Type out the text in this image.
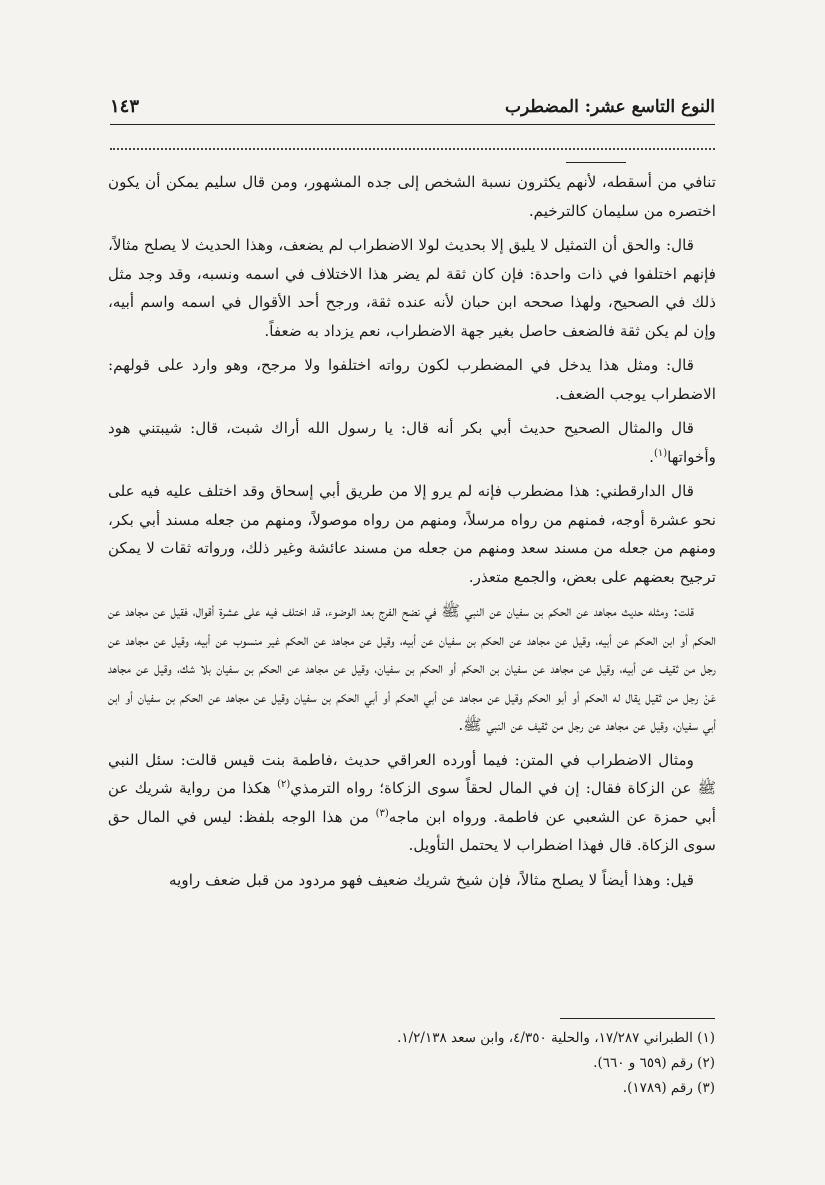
النوع التاسع عشر: المضطرب
١٤٣

تنافي من أسقطه، لأنهم يكثرون نسبة الشخص إلى جده المشهور، ومن قال سليم يمكن أن يكون اختصره من سليمان كالترخيم.

قال: والحق أن التمثيل لا يليق إلا بحديث لولا الاضطراب لم يضعف، وهذا الحديث لا يصلح مثالاً، فإنهم اختلفوا في ذات واحدة: فإن كان ثقة لم يضر هذا الاختلاف في اسمه ونسبه، وقد وجد مثل ذلك في الصحيح، ولهذا صححه ابن حبان لأنه عنده ثقة، ورجح أحد الأقوال في اسمه واسم أبيه، وإن لم يكن ثقة فالضعف حاصل بغير جهة الاضطراب، نعم يزداد به ضعفاً.

قال: ومثل هذا يدخل في المضطرب لكون رواته اختلفوا ولا مرجح، وهو وارد على قولهم: الاضطراب يوجب الضعف.

قال والمثال الصحيح حديث أبي بكر أنه قال: يا رسول الله أراك شبت، قال: شيبتني هود وأخواتها$^{(١)}$.

قال الدارقطني: هذا مضطرب فإنه لم يرو إلا من طريق أبي إسحاق وقد اختلف عليه فيه على نحو عشرة أوجه، فمنهم من رواه مرسلاً، ومنهم من رواه موصولاً، ومنهم من جعله مسند أبي بكر، ومنهم من جعله من مسند سعد ومنهم من جعله من مسند عائشة وغير ذلك، ورواته ثقات لا يمكن ترجيح بعضهم على بعض، والجمع متعذر.

قلت: ومثله حديث مجاهد عن الحكم بن سفيان عن النبي ﷺ في نضح الفرج بعد الوضوء، قد اختلف فيه على عشرة أقوال، فقيل عن مجاهد عن الحكم أو ابن الحكم عن أبيه، وقيل عن مجاهد عن الحكم بن سفيان عن أبيه، وقيل عن مجاهد عن الحكم غير منسوب عن أبيه، وقيل عن مجاهد عن رجل من ثقيف عن أبيه، وقيل عن مجاهد عن سفيان بن الحكم أو الحكم بن سفيان، وقيل عن مجاهد عن الحكم بن سفيان بلا شك، وقيل عن مجاهد عَنْ رجل من ثقيل يقال له الحكم أو أبو الحكم وقيل عن مجاهد عن أبي الحكم أو أبي الحكم بن سفيان وقيل عن مجاهد عن الحكم بن سفيان أو ابن أبي سفيان، وقيل عن مجاهد عن رجل من ثقيف عن النبي ﷺ.

ومثال الاضطراب في المتن: فيما أورده العراقي حديث ،فاطمة بنت قيس قالت: سئل النبي ﷺ عن الزكاة فقال: إن في المال لحقاً سوى الزكاة؛ رواه الترمذي$^{(٢)}$ هكذا من رواية شريك عن أبي حمزة عن الشعبي عن فاطمة. ورواه ابن ماجه$^{(٣)}$ من هذا الوجه بلفظ: ليس في المال حق سوى الزكاة. قال فهذا اضطراب لا يحتمل التأويل.

قيل: وهذا أيضاً لا يصلح مثالاً، فإن شيخ شريك ضعيف فهو مردود من قبل ضعف راويه

(١) الطبراني ١٧/٢٨٧، والحلية ٤/٣٥٠، وابن سعد ١/٢/١٣٨.
(٢) رقم (٦٥٩ و ٦٦٠).
(٣) رقم (١٧٨٩).
